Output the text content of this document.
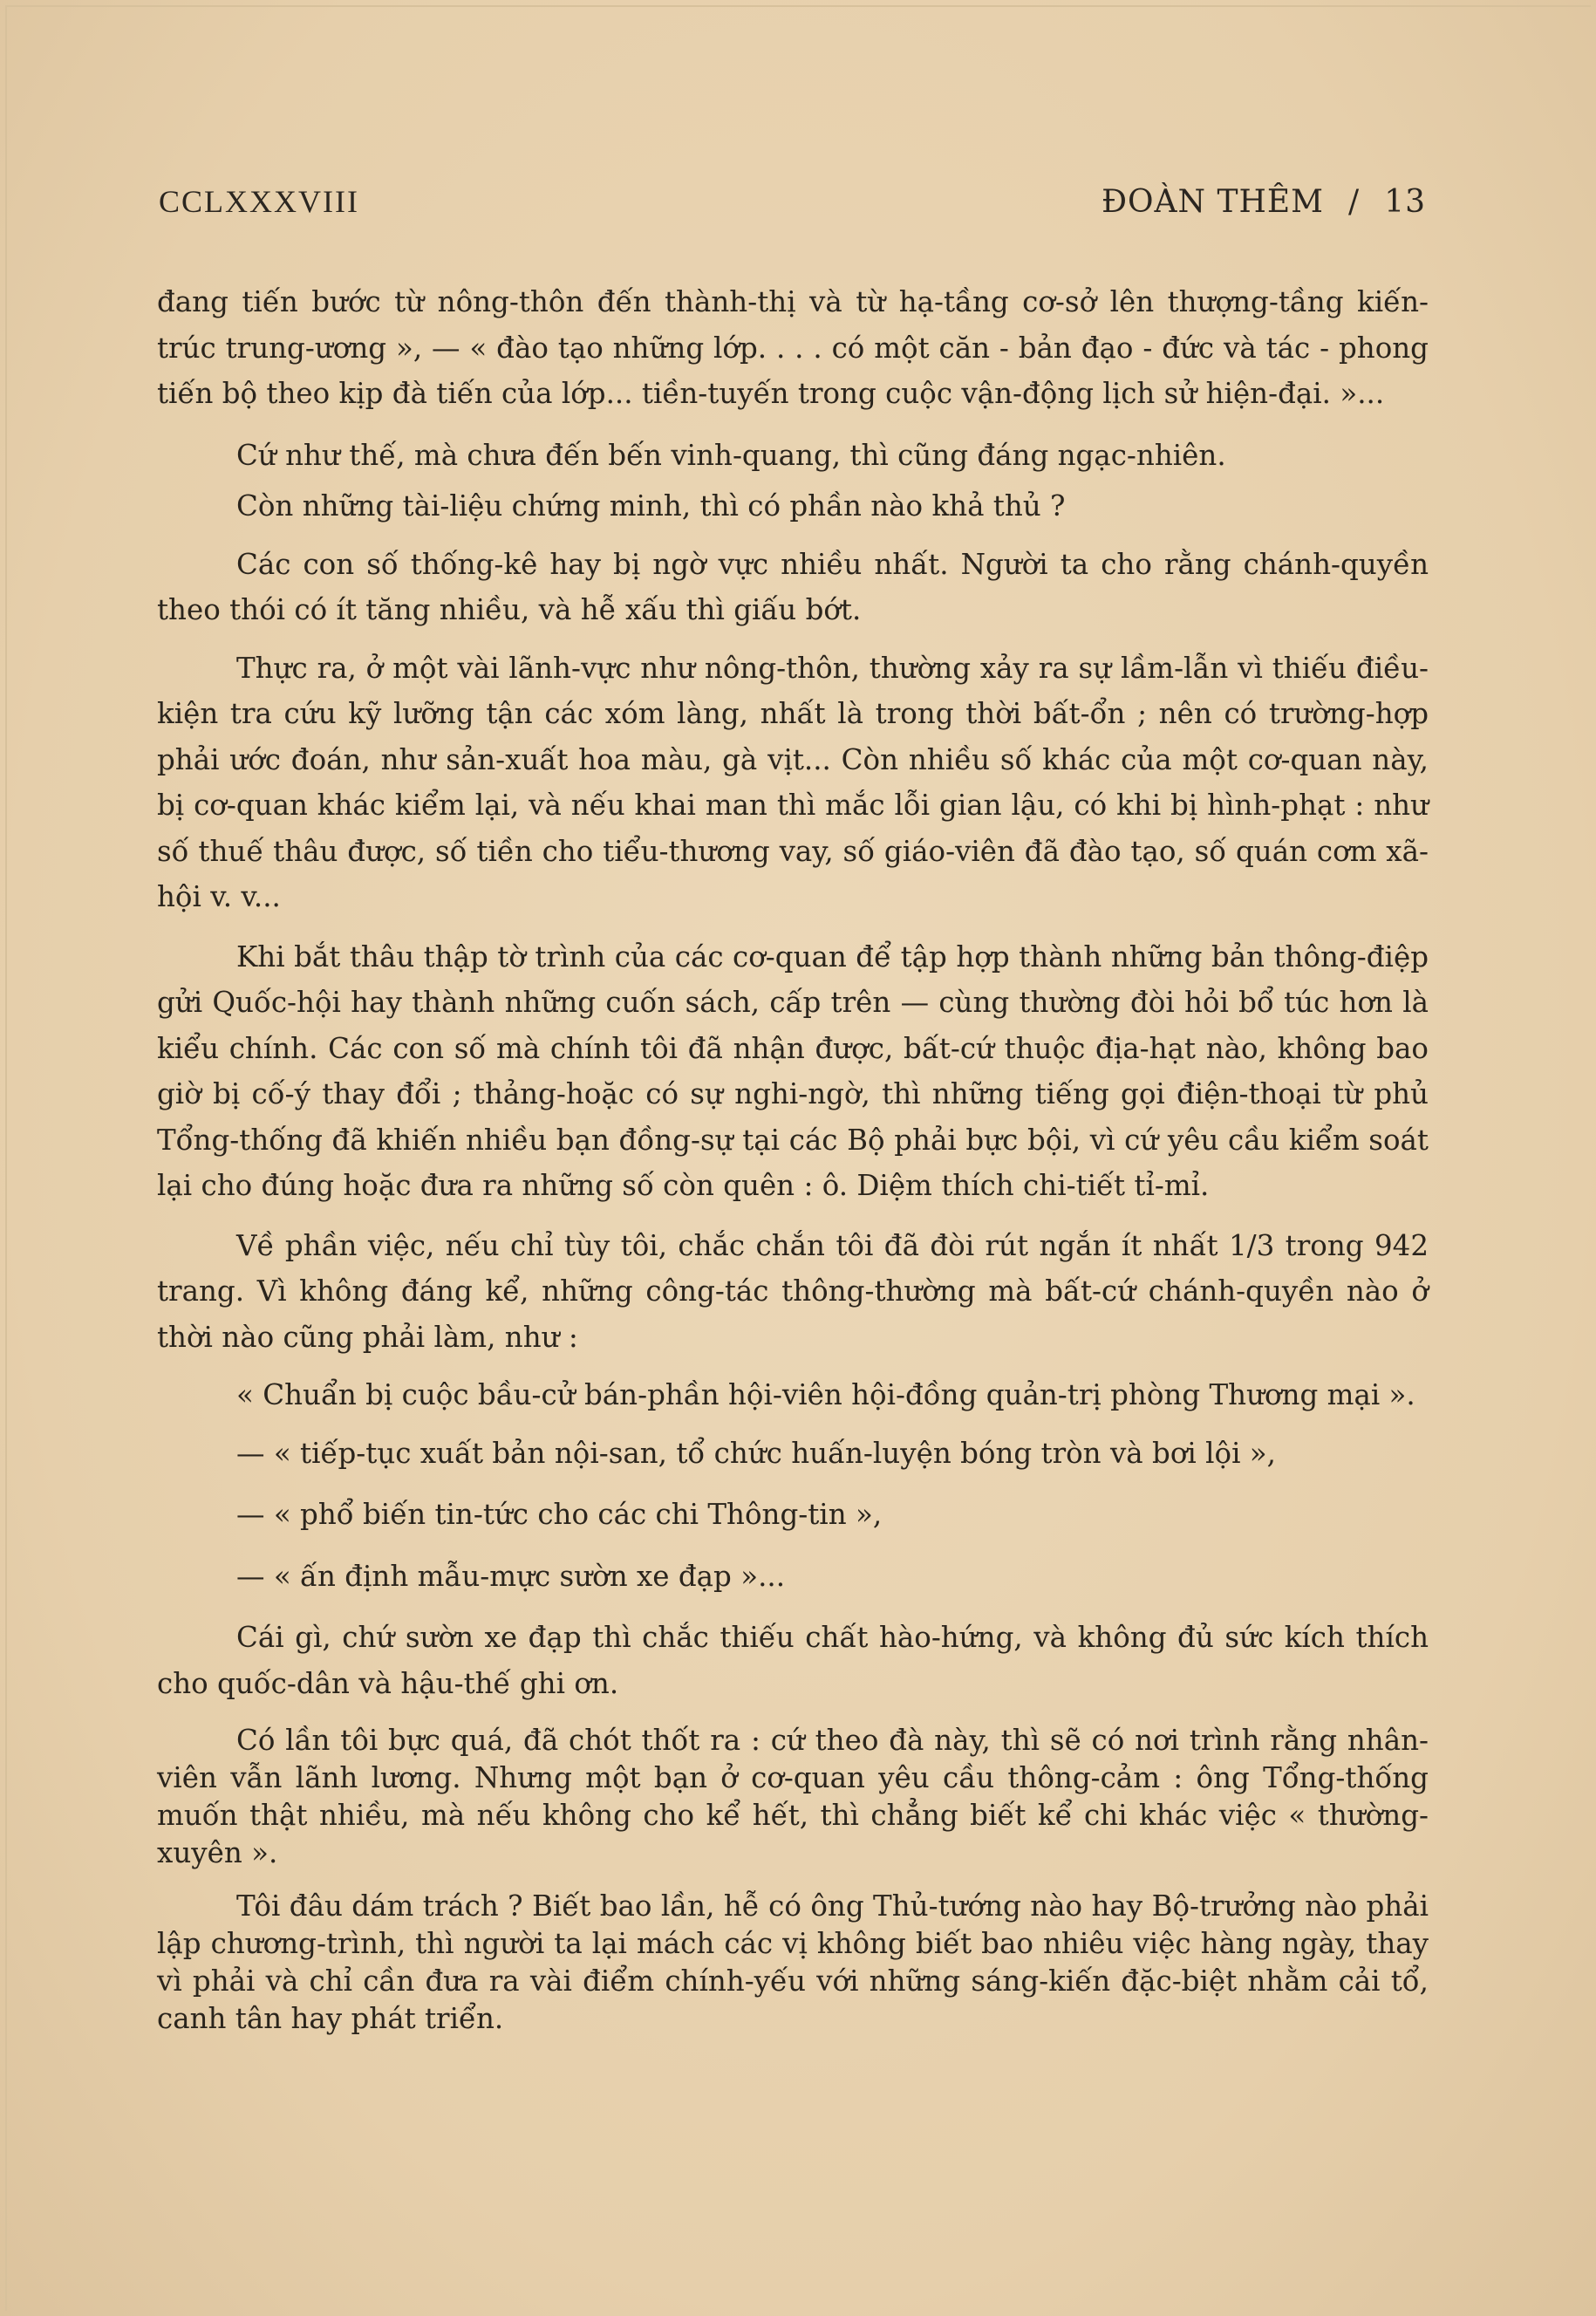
CCLXXXVIII	ĐOÀN THÊM / 13

đang tiến bước từ nông-thôn đến thành-thị và từ hạ-tầng cơ-sở lên thượng-tầng kiến-trúc trung-ương », — « đào tạo những lớp. . . . có một căn - bản đạo - đức và tác - phong tiến bộ theo kịp đà tiến của lớp... tiền-tuyến trong cuộc vận-động lịch sử hiện-đại. »...

Cứ như thế, mà chưa đến bến vinh-quang, thì cũng đáng ngạc-nhiên.

Còn những tài-liệu chứng minh, thì có phần nào khả thủ ?

Các con số thống-kê hay bị ngờ vực nhiều nhất. Người ta cho rằng chánh-quyền theo thói có ít tăng nhiều, và hễ xấu thì giấu bớt.

Thực ra, ở một vài lãnh-vực như nông-thôn, thường xảy ra sự lầm-lẫn vì thiếu điều-kiện tra cứu kỹ lưỡng tận các xóm làng, nhất là trong thời bất-ổn ; nên có trường-hợp phải ước đoán, như sản-xuất hoa màu, gà vịt... Còn nhiều số khác của một cơ-quan này, bị cơ-quan khác kiểm lại, và nếu khai man thì mắc lỗi gian lậu, có khi bị hình-phạt : như số thuế thâu được, số tiền cho tiểu-thương vay, số giáo-viên đã đào tạo, số quán cơm xã-hội v. v...

Khi bắt thâu thập tờ trình của các cơ-quan để tập hợp thành những bản thông-điệp gửi Quốc-hội hay thành những cuốn sách, cấp trên — cùng thường đòi hỏi bổ túc hơn là kiểu chính. Các con số mà chính tôi đã nhận được, bất-cứ thuộc địa-hạt nào, không bao giờ bị cố-ý thay đổi ; thảng-hoặc có sự nghi-ngờ, thì những tiếng gọi điện-thoại từ phủ Tổng-thống đã khiến nhiều bạn đồng-sự tại các Bộ phải bực bội, vì cứ yêu cầu kiểm soát lại cho đúng hoặc đưa ra những số còn quên : ô. Diệm thích chi-tiết tỉ-mỉ.

Về phần việc, nếu chỉ tùy tôi, chắc chắn tôi đã đòi rút ngắn ít nhất 1/3 trong 942 trang. Vì không đáng kể, những công-tác thông-thường mà bất-cứ chánh-quyền nào ở thời nào cũng phải làm, như :

« Chuẩn bị cuộc bầu-cử bán-phần hội-viên hội-đồng quản-trị phòng Thương mại ».

— « tiếp-tục xuất bản nội-san, tổ chức huấn-luyện bóng tròn và bơi lội »,

— « phổ biến tin-tức cho các chi Thông-tin »,

— « ấn định mẫu-mực sườn xe đạp »...

Cái gì, chứ sườn xe đạp thì chắc thiếu chất hào-hứng, và không đủ sức kích thích cho quốc-dân và hậu-thế ghi ơn.

Có lần tôi bực quá, đã chót thốt ra : cứ theo đà này, thì sẽ có nơi trình rằng nhân-viên vẫn lãnh lương. Nhưng một bạn ở cơ-quan yêu cầu thông-cảm : ông Tổng-thống muốn thật nhiều, mà nếu không cho kể hết, thì chẳng biết kể chi khác việc « thường-xuyên ».

Tôi đâu dám trách ? Biết bao lần, hễ có ông Thủ-tướng nào hay Bộ-trưởng nào phải lập chương-trình, thì người ta lại mách các vị không biết bao nhiêu việc hàng ngày, thay vì phải và chỉ cần đưa ra vài điểm chính-yếu với những sáng-kiến đặc-biệt nhằm cải tổ, canh tân hay phát triển.
